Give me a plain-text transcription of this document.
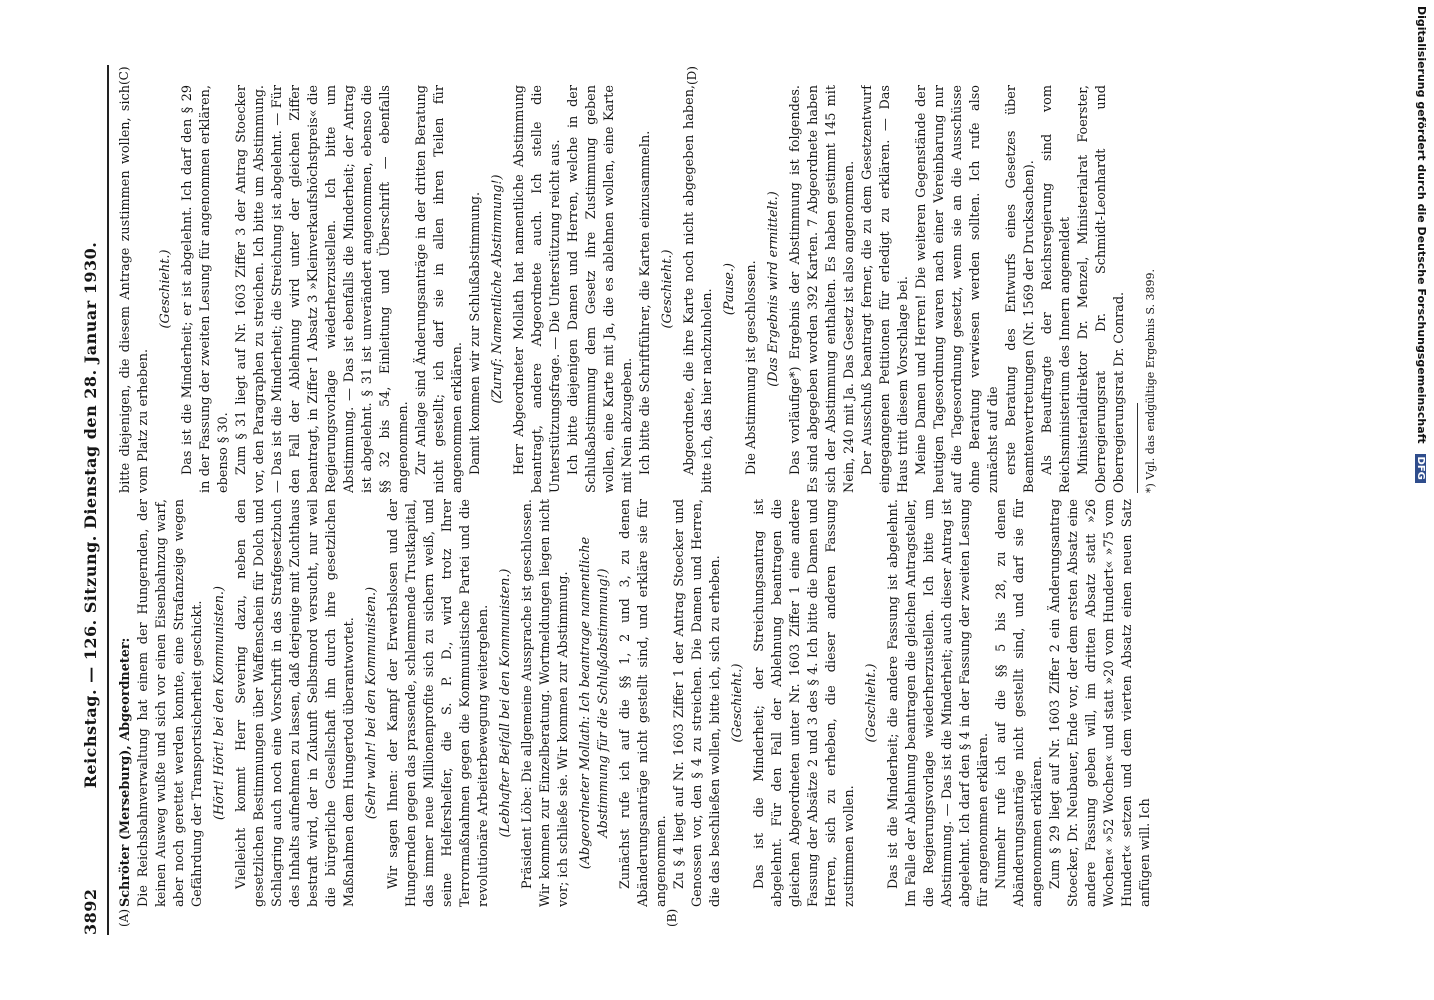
3892
Reichstag. — 126. Sitzung. Dienstag den 28. Januar 1930.
(A)	(B)
(C)	(D)

Schröter (Merseburg), Abgeordneter: Die Reichsbahnverwaltung hat einem der Hungernden, der keinen Ausweg wußte und sich vor einen Eisenbahnzug warf, aber noch gerettet werden konnte, eine Strafanzeige wegen Gefährdung der Transportsicherheit geschickt. (Hört! Hört! bei den Kommunisten.) Vielleicht kommt Herr Severing dazu, neben den gesetzlichen Bestimmungen über Waffenschein für Dolch und Schlagring auch noch eine Vorschrift in das Strafgesetzbuch des Inhalts aufnehmen zu lassen, daß derjenige mit Zuchthaus bestraft wird, der in Zukunft Selbstmord versucht, nur weil die bürgerliche Gesellschaft ihn durch ihre gesetzlichen Maßnahmen dem Hungertod überantwortet. (Sehr wahr! bei den Kommunisten.) Wir sagen Ihnen: der Kampf der Erwerbslosen und der Hungernden gegen das prassende, schlemmende Trustkapital, das immer neue Millionenprofite sich zu sichern weiß, und seine Helfershelfer, die S. P. D., wird trotz Ihrer Terrormaßnahmen gegen die Kommunistische Partei und die revolutionäre Arbeiterbewegung weitergehen. (Lebhafter Beifall bei den Kommunisten.) Präsident Löbe: Die allgemeine Aussprache ist geschlossen. Wir kommen zur Einzelberatung. Wortmeldungen liegen nicht vor; ich schließe sie. Wir kommen zur Abstimmung. (Abgeordneter Mollath: Ich beantrage namentliche Abstimmung für die Schlußabstimmung!) Zunächst rufe ich auf die §§ 1, 2 und 3, zu denen Abänderungsanträge nicht gestellt sind, und erkläre sie für angenommen. Zu § 4 liegt auf Nr. 1603 Ziffer 1 der Antrag Stoecker und Genossen vor, den § 4 zu streichen. Die Damen und Herren, die das beschließen wollen, bitte ich, sich zu erheben. (Geschieht.) Das ist die Minderheit; der Streichungsantrag ist abgelehnt. Für den Fall der Ablehnung beantragen die gleichen Abgeordneten unter Nr. 1603 Ziffer 1 eine andere Fassung der Absätze 2 und 3 des § 4. Ich bitte die Damen und Herren, sich zu erheben, die dieser anderen Fassung zustimmen wollen.

(Geschieht.) Das ist die Minderheit; die andere Fassung ist abgelehnt. Im Falle der Ablehnung beantragen die gleichen Antragsteller, die Regierungsvorlage wiederherzustellen. Ich bitte um Abstimmung. — Das ist die Minderheit; auch dieser Antrag ist abgelehnt. Ich darf den § 4 in der Fassung der zweiten Lesung für angenommen erklären. Nunmehr rufe ich auf die §§ 5 bis 28, zu denen Abänderungsanträge nicht gestellt sind, und darf sie für angenommen erklären. Zum § 29 liegt auf Nr. 1603 Ziffer 2 ein Änderungsantrag Stoecker, Dr. Neubauer, Ende vor, der dem ersten Absatz eine andere Fassung geben will, im dritten Absatz statt »26 Wochen« »52 Wochen« und statt »20 vom Hundert« »75 vom Hundert« setzen und dem vierten Absatz einen neuen Satz anfügen will. Ich

bitte diejenigen, die diesem Antrage zustimmen wollen, sich vom Platz zu erheben.

(Geschieht.) Das ist die Minderheit; er ist abgelehnt. Ich darf den § 29 in der Fassung der zweiten Lesung für angenommen erklären, ebenso § 30. Zum § 31 liegt auf Nr. 1603 Ziffer 3 der Antrag Stoecker vor, den Paragraphen zu streichen. Ich bitte um Abstimmung. — Das ist die Minderheit; die Streichung ist abgelehnt. — Für den Fall der Ablehnung wird unter der gleichen Ziffer beantragt, in Ziffer 1 Absatz 3 »Kleinverkaufshöchstpreis« die Regierungsvorlage wiederherzustellen. Ich bitte um Abstimmung. — Das ist ebenfalls die Minderheit; der Antrag ist abgelehnt. § 31 ist unverändert angenommen, ebenso die §§ 32 bis 54, Einleitung und Überschrift — ebenfalls angenommen. Zur Anlage sind Änderungsanträge in der dritten Beratung nicht gestellt; ich darf sie in allen ihren Teilen für angenommen erklären. Damit kommen wir zur Schlußabstimmung. (Zuruf: Namentliche Abstimmung!) Herr Abgeordneter Mollath hat namentliche Abstimmung beantragt, andere Abgeordnete auch. Ich stelle die Unterstützungsfrage. — Die Unterstützung reicht aus. Ich bitte diejenigen Damen und Herren, welche in der Schlußabstimmung dem Gesetz ihre Zustimmung geben wollen, eine Karte mit Ja, die es ablehnen wollen, eine Karte mit Nein abzugeben. Ich bitte die Schriftführer, die Karten einzusammeln. (Geschieht.) Abgeordnete, die ihre Karte noch nicht abgegeben haben, bitte ich, das hier nachzuholen. (Pause.) Die Abstimmung ist geschlossen. (Das Ergebnis wird ermittelt.) Das vorläufige*) Ergebnis der Abstimmung ist folgendes. Es sind abgegeben worden 392 Karten. 7 Abgeordnete haben sich der Abstimmung enthalten. Es haben gestimmt 145 mit Nein, 240 mit Ja. Das Gesetz ist also angenommen. Der Ausschuß beantragt ferner, die zu dem Gesetzentwurf eingegangenen Petitionen für erledigt zu erklären. — Das Haus tritt diesem Vorschlage bei. Meine Damen und Herren! Die weiteren Gegenstände der heutigen Tagesordnung waren nach einer Vereinbarung nur auf die Tagesordnung gesetzt, wenn sie an die Ausschüsse ohne Beratung verwiesen werden sollten. Ich rufe also zunächst auf die erste Beratung des Entwurfs eines Gesetzes über Beamtenvertretungen (Nr. 1569 der Drucksachen). Als Beauftragte der Reichsregierung sind vom Reichsministerium des Innern angemeldet Ministerialdirektor Dr. Menzel, Ministerialrat Foerster, Oberregierungsrat Dr. Schmidt-Leonhardt und Oberregierungsrat Dr. Conrad. *) Vgl. das endgültige Ergebnis S. 3899.	Digitalisierung gefördert durch die Deutsche Forschungsgemeinschaft DFG
